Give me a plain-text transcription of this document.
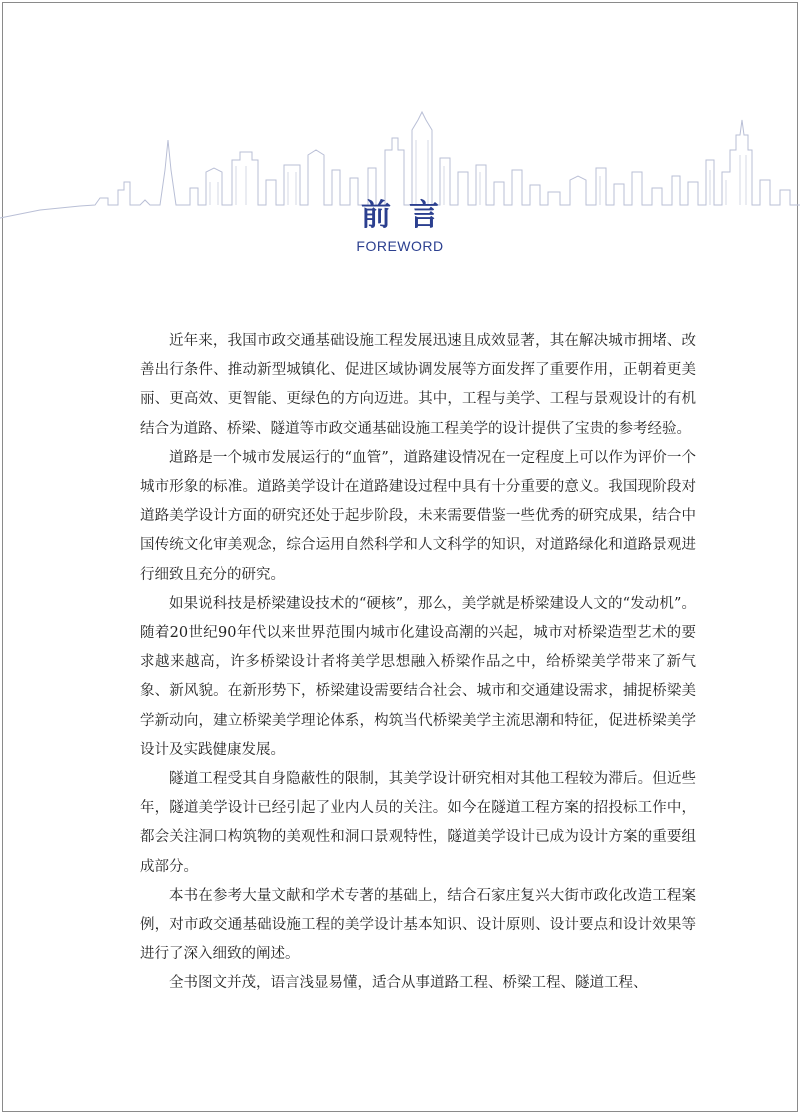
前言
FOREWORD

近年来，我国市政交通基础设施工程发展迅速且成效显著，其在解决城市拥堵、改善出行条件、推动新型城镇化、促进区域协调发展等方面发挥了重要作用，正朝着更美丽、更高效、更智能、更绿色的方向迈进。其中，工程与美学、工程与景观设计的有机结合为道路、桥梁、隧道等市政交通基础设施工程美学的设计提供了宝贵的参考经验。

道路是一个城市发展运行的“血管”，道路建设情况在一定程度上可以作为评价一个城市形象的标准。道路美学设计在道路建设过程中具有十分重要的意义。我国现阶段对道路美学设计方面的研究还处于起步阶段，未来需要借鉴一些优秀的研究成果，结合中国传统文化审美观念，综合运用自然科学和人文科学的知识，对道路绿化和道路景观进行细致且充分的研究。

如果说科技是桥梁建设技术的“硬核”，那么，美学就是桥梁建设人文的“发动机”。随着20世纪90年代以来世界范围内城市化建设高潮的兴起，城市对桥梁造型艺术的要求越来越高，许多桥梁设计者将美学思想融入桥梁作品之中，给桥梁美学带来了新气象、新风貌。在新形势下，桥梁建设需要结合社会、城市和交通建设需求，捕捉桥梁美学新动向，建立桥梁美学理论体系，构筑当代桥梁美学主流思潮和特征，促进桥梁美学设计及实践健康发展。

隧道工程受其自身隐蔽性的限制，其美学设计研究相对其他工程较为滞后。但近些年，隧道美学设计已经引起了业内人员的关注。如今在隧道工程方案的招投标工作中，都会关注洞口构筑物的美观性和洞口景观特性，隧道美学设计已成为设计方案的重要组成部分。

本书在参考大量文献和学术专著的基础上，结合石家庄复兴大街市政化改造工程案例，对市政交通基础设施工程的美学设计基本知识、设计原则、设计要点和设计效果等进行了深入细致的阐述。

全书图文并茂，语言浅显易懂，适合从事道路工程、桥梁工程、隧道工程、
